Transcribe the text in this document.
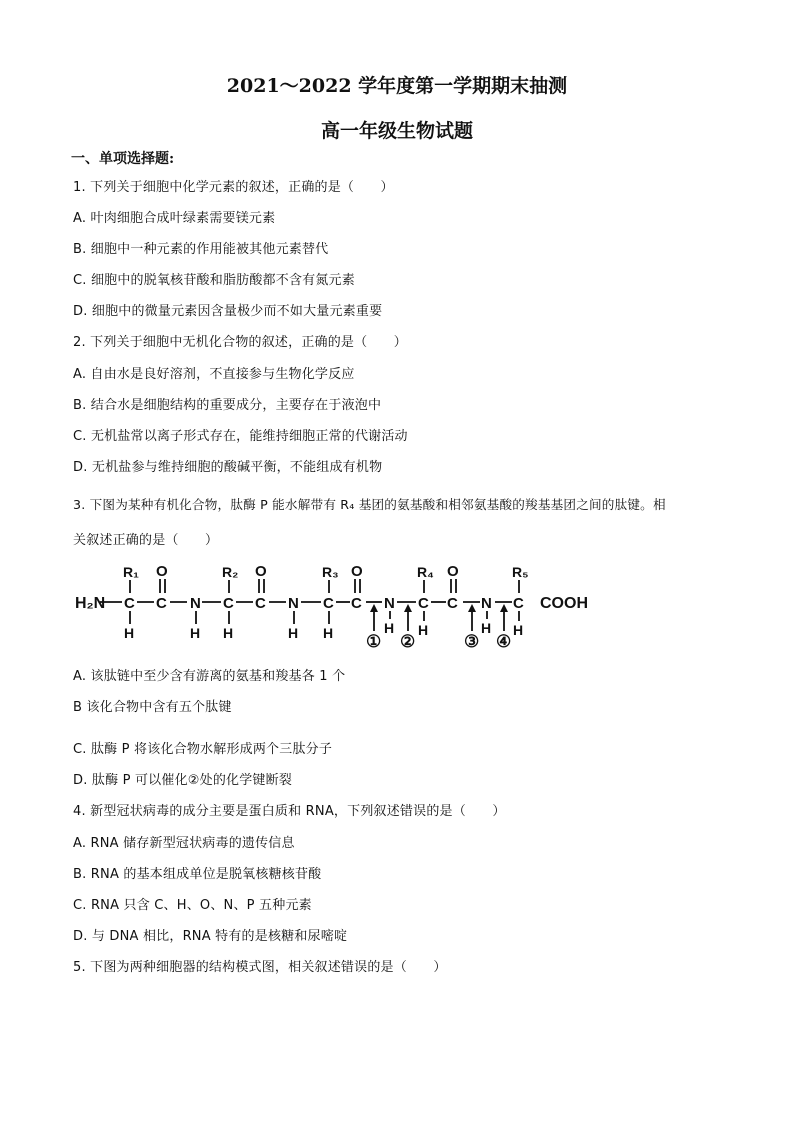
2021～2022 学年度第一学期期末抽测
高一年级生物试题
一、单项选择题:
1. 下列关于细胞中化学元素的叙述，正确的是（　　）
A. 叶肉细胞合成叶绿素需要镁元素
B. 细胞中一种元素的作用能被其他元素替代
C. 细胞中的脱氧核苷酸和脂肪酸都不含有氮元素
D. 细胞中的微量元素因含量极少而不如大量元素重要
2. 下列关于细胞中无机化合物的叙述，正确的是（　　）
A. 自由水是良好溶剂，不直接参与生物化学反应
B. 结合水是细胞结构的重要成分，主要存在于液泡中
C. 无机盐常以离子形式存在，能维持细胞正常的代谢活动
D. 无机盐参与维持细胞的酸碱平衡，不能组成有机物
3. 下图为某种有机化合物，肽酶 P 能水解带有 R₄ 基团的氨基酸和相邻氨基酸的羧基基团之间的肽键。相
关叙述正确的是（　　）
H₂N	COOH
C	C	C	C	C
C	C	C	C
O	O	O	O
N	N	N	N
R₁	R₂	R₃	R₄	R₅
H	H H	H H	H H	H H
① ②	③ ④
A. 该肽链中至少含有游离的氨基和羧基各 1 个
B 该化合物中含有五个肽键
C. 肽酶 P 将该化合物水解形成两个三肽分子
D. 肽酶 P 可以催化②处的化学键断裂
4. 新型冠状病毒的成分主要是蛋白质和 RNA，下列叙述错误的是（　　）
A. RNA 储存新型冠状病毒的遗传信息
B. RNA 的基本组成单位是脱氧核糖核苷酸
C. RNA 只含 C、H、O、N、P 五种元素
D. 与 DNA 相比，RNA 特有的是核糖和尿嘧啶
5. 下图为两种细胞器的结构模式图，相关叙述错误的是（　　）
